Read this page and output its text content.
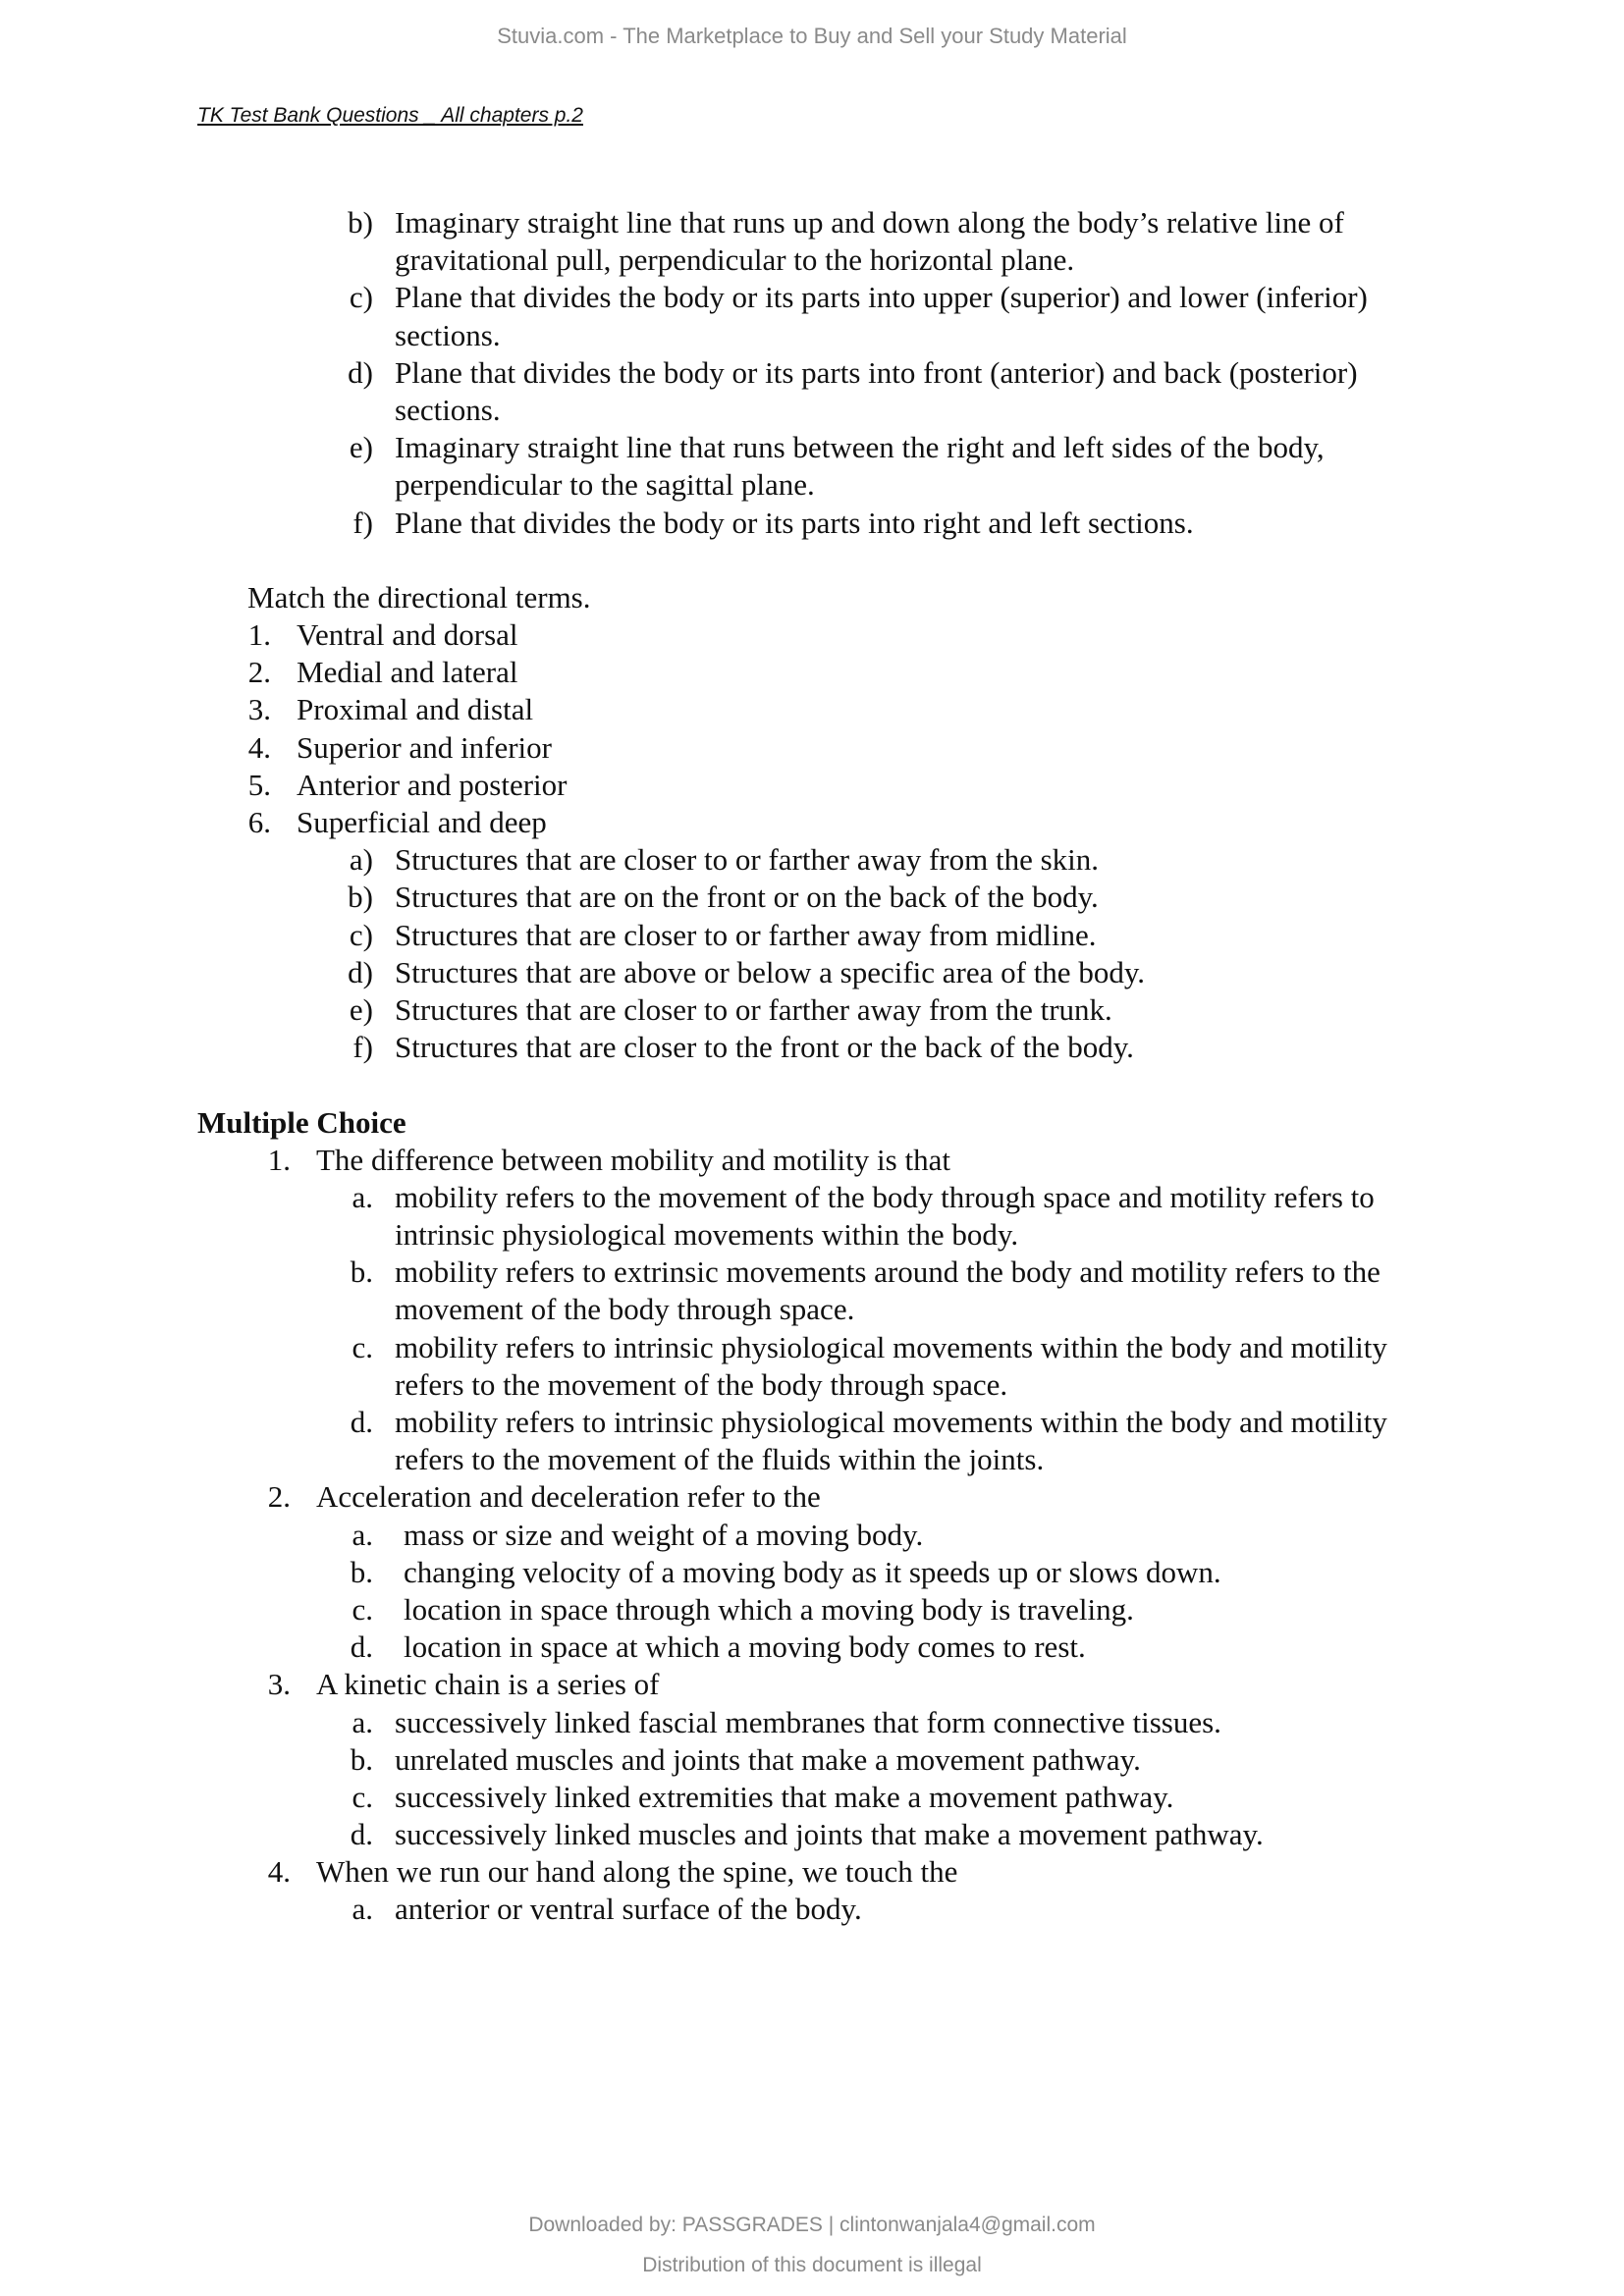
Stuvia.com - The Marketplace to Buy and Sell your Study Material
TK Test Bank Questions _ All chapters p.2
b) Imaginary straight line that runs up and down along the body’s relative line of
gravitational pull, perpendicular to the horizontal plane.
c) Plane that divides the body or its parts into upper (superior) and lower (inferior)
sections.
d) Plane that divides the body or its parts into front (anterior) and back (posterior)
sections.
e) Imaginary straight line that runs between the right and left sides of the body,
perpendicular to the sagittal plane.
f) Plane that divides the body or its parts into right and left sections.
Match the directional terms.
1. Ventral and dorsal
2. Medial and lateral
3. Proximal and distal
4. Superior and inferior
5. Anterior and posterior
6. Superficial and deep
a) Structures that are closer to or farther away from the skin.
b) Structures that are on the front or on the back of the body.
c) Structures that are closer to or farther away from midline.
d) Structures that are above or below a specific area of the body.
e) Structures that are closer to or farther away from the trunk.
f) Structures that are closer to the front or the back of the body.
Multiple Choice
1. The difference between mobility and motility is that
a. mobility refers to the movement of the body through space and motility refers to
intrinsic physiological movements within the body.
b. mobility refers to extrinsic movements around the body and motility refers to the
movement of the body through space.
c. mobility refers to intrinsic physiological movements within the body and motility
refers to the movement of the body through space.
d. mobility refers to intrinsic physiological movements within the body and motility
refers to the movement of the fluids within the joints.
2. Acceleration and deceleration refer to the
a. mass or size and weight of a moving body.
b. changing velocity of a moving body as it speeds up or slows down.
c. location in space through which a moving body is traveling.
d. location in space at which a moving body comes to rest.
3. A kinetic chain is a series of
a. successively linked fascial membranes that form connective tissues.
b. unrelated muscles and joints that make a movement pathway.
c. successively linked extremities that make a movement pathway.
d. successively linked muscles and joints that make a movement pathway.
4. When we run our hand along the spine, we touch the
a. anterior or ventral surface of the body.
Downloaded by: PASSGRADES | clintonwanjala4@gmail.com
Distribution of this document is illegal
